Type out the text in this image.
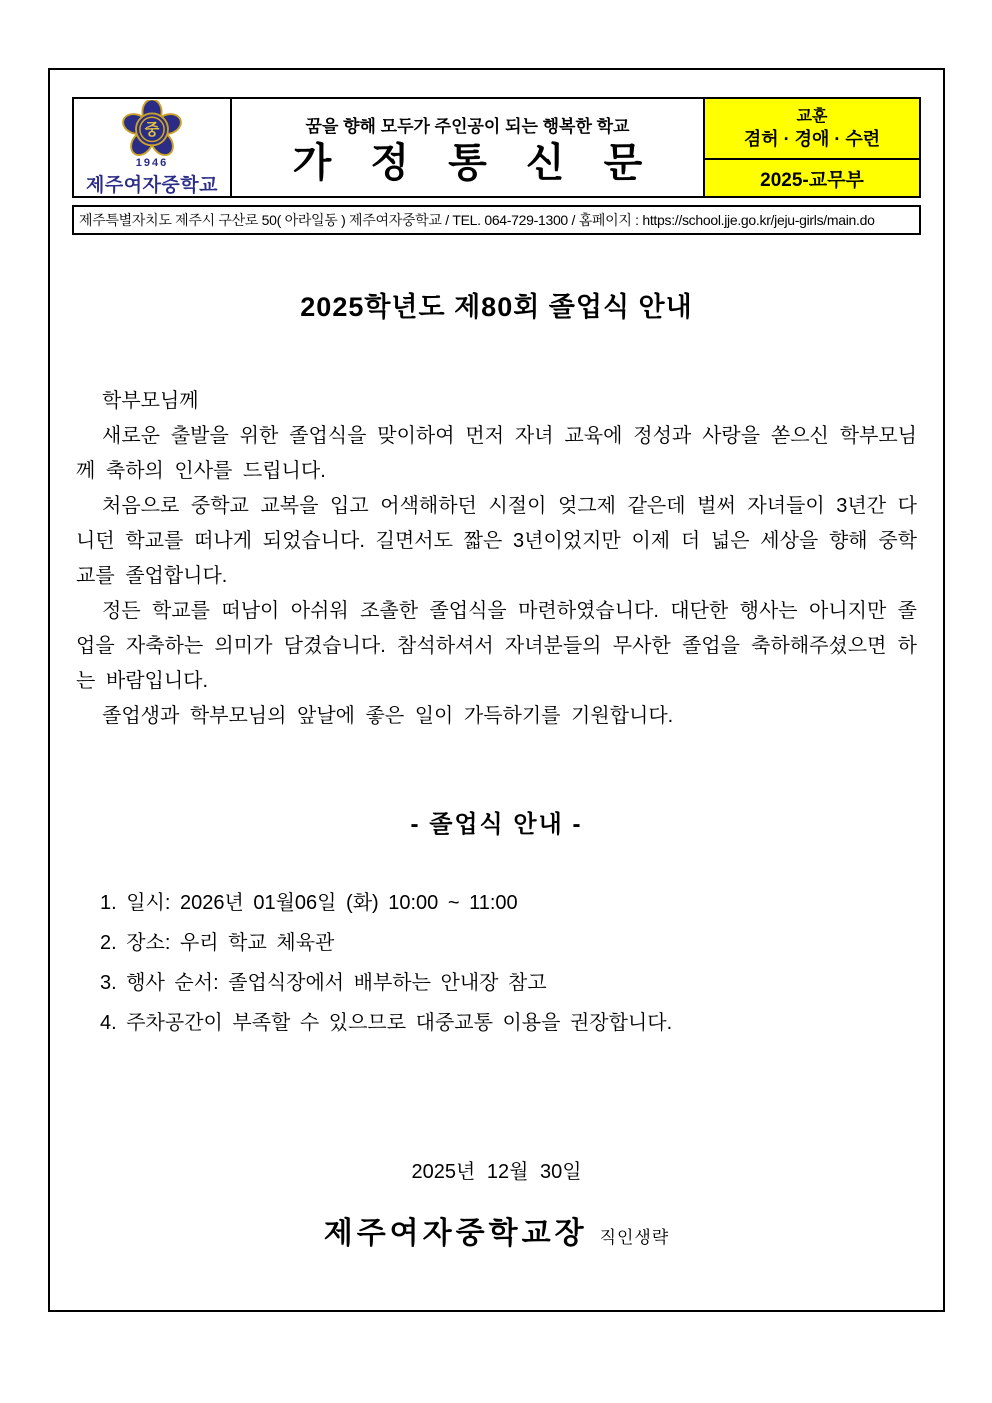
중
1946
제주여자중학교
꿈을 향해 모두가 주인공이 되는 행복한 학교
가 정 통 신 문
교훈
겸허 · 경애 · 수련
2025-교무부
제주특별자치도 제주시 구산로 50( 아라일동 ) 제주여자중학교 / TEL. 064-729-1300 / 홈페이지 : https://school.jje.go.kr/jeju-girls/main.do
2025학년도 제80회 졸업식 안내

학부모님께

새로운 출발을 위한 졸업식을 맞이하여 먼저 자녀 교육에 정성과 사랑을 쏟으신 학부모님께 축하의 인사를 드립니다.

처음으로 중학교 교복을 입고 어색해하던 시절이 엊그제 같은데 벌써 자녀들이 3년간 다니던 학교를 떠나게 되었습니다. 길면서도 짧은 3년이었지만 이제 더 넓은 세상을 향해 중학교를 졸업합니다.

정든 학교를 떠남이 아쉬워 조촐한 졸업식을 마련하였습니다. 대단한 행사는 아니지만 졸업을 자축하는 의미가 담겼습니다. 참석하셔서 자녀분들의 무사한 졸업을 축하해주셨으면 하는 바람입니다.

졸업생과 학부모님의 앞날에 좋은 일이 가득하기를 기원합니다.

- 졸업식 안내 -
1. 일시: 2026년 01월06일 (화) 10:00 ~ 11:00
2. 장소: 우리 학교 체육관
3. 행사 순서: 졸업식장에서 배부하는 안내장 참고
4. 주차공간이 부족할 수 있으므로 대중교통 이용을 권장합니다.
2025년 12월 30일
제주여자중학교장 직인생략
